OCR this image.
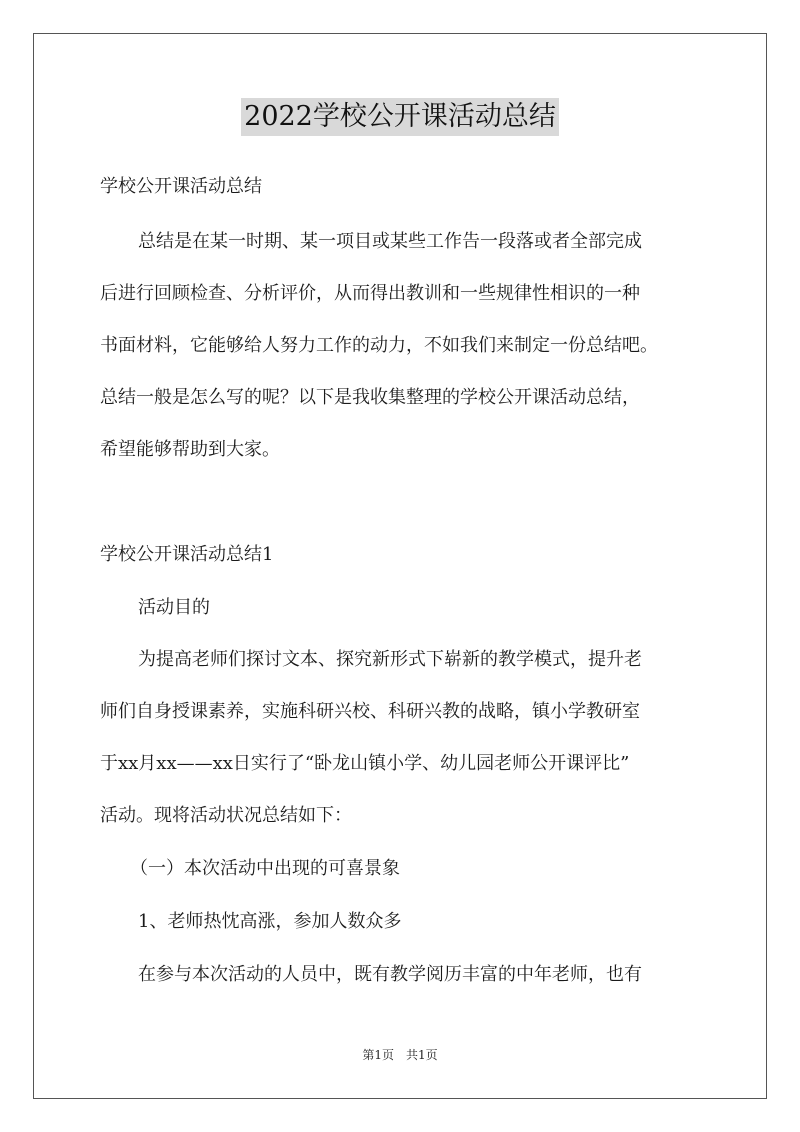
2022学校公开课活动总结
学校公开课活动总结
总结是在某一时期、某一项目或某些工作告一段落或者全部完成
后进行回顾检查、分析评价，从而得出教训和一些规律性相识的一种
书面材料，它能够给人努力工作的动力，不如我们来制定一份总结吧。
总结一般是怎么写的呢？以下是我收集整理的学校公开课活动总结，
希望能够帮助到大家。
学校公开课活动总结1
活动目的
为提高老师们探讨文本、探究新形式下崭新的教学模式，提升老
师们自身授课素养，实施科研兴校、科研兴教的战略，镇小学教研室
于xx月xx——xx日实行了“卧龙山镇小学、幼儿园老师公开课评比”
活动。现将活动状况总结如下：
（一）本次活动中出现的可喜景象
1、老师热忱高涨，参加人数众多
在参与本次活动的人员中，既有教学阅历丰富的中年老师，也有
第1页　共1页
